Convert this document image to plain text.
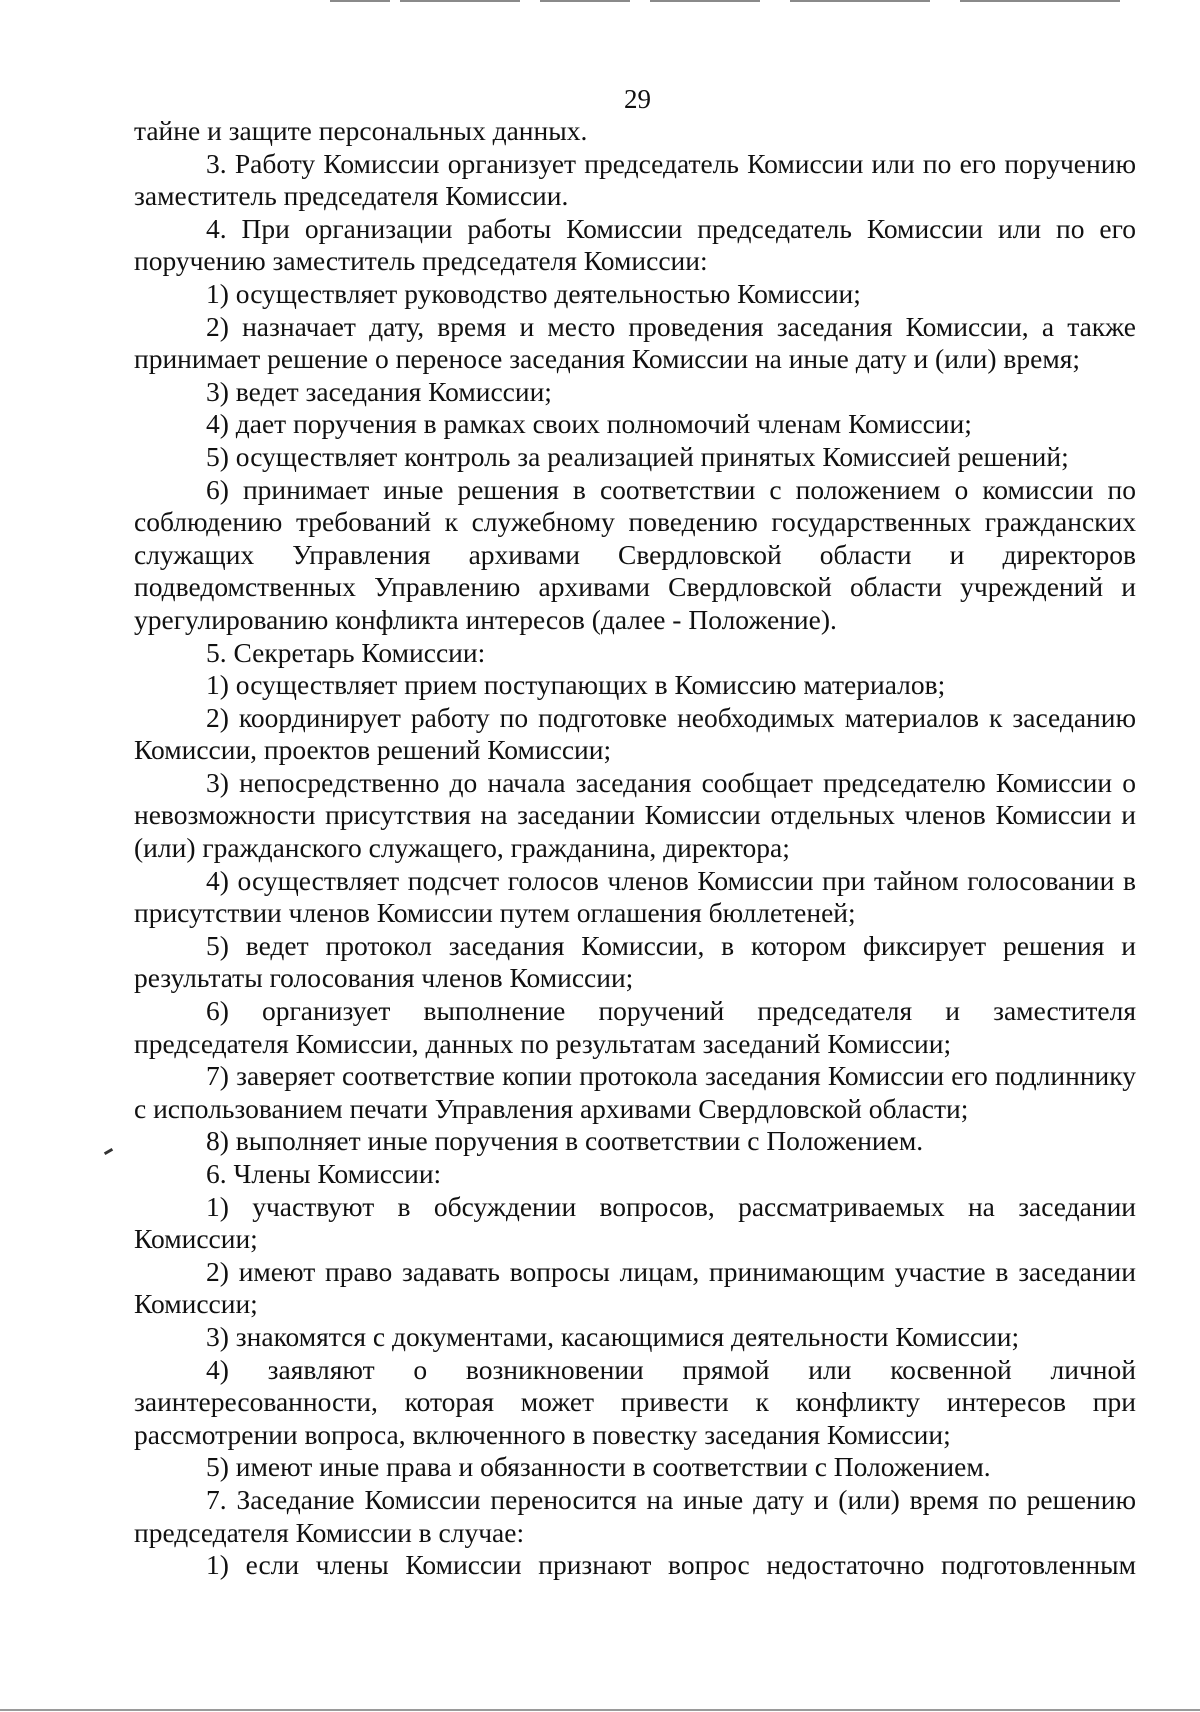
29

тайне и защите персональных данных.

3. Работу Комиссии организует председатель Комиссии или по его поручению заместитель председателя Комиссии.

4. При организации работы Комиссии председатель Комиссии или по его поручению заместитель председателя Комиссии:

1) осуществляет руководство деятельностью Комиссии;

2) назначает дату, время и место проведения заседания Комиссии, а также принимает решение о переносе заседания Комиссии на иные дату и (или) время;

3) ведет заседания Комиссии;

4) дает поручения в рамках своих полномочий членам Комиссии;

5) осуществляет контроль за реализацией принятых Комиссией решений;

6) принимает иные решения в соответствии с положением о комиссии по соблюдению требований к служебному поведению государственных гражданских служащих Управления архивами Свердловской области и директоров подведомственных Управлению архивами Свердловской области учреждений и урегулированию конфликта интересов (далее - Положение).

5. Секретарь Комиссии:

1) осуществляет прием поступающих в Комиссию материалов;

2) координирует работу по подготовке необходимых материалов к заседанию Комиссии, проектов решений Комиссии;

3) непосредственно до начала заседания сообщает председателю Комиссии о невозможности присутствия на заседании Комиссии отдельных членов Комиссии и (или) гражданского служащего, гражданина, директора;

4) осуществляет подсчет голосов членов Комиссии при тайном голосовании в присутствии членов Комиссии путем оглашения бюллетеней;

5) ведет протокол заседания Комиссии, в котором фиксирует решения и результаты голосования членов Комиссии;

6) организует выполнение поручений председателя и заместителя председателя Комиссии, данных по результатам заседаний Комиссии;

7) заверяет соответствие копии протокола заседания Комиссии его подлиннику с использованием печати Управления архивами Свердловской области;

8) выполняет иные поручения в соответствии с Положением.

6. Члены Комиссии:

1) участвуют в обсуждении вопросов, рассматриваемых на заседании Комиссии;

2) имеют право задавать вопросы лицам, принимающим участие в заседании Комиссии;

3) знакомятся с документами, касающимися деятельности Комиссии;

4) заявляют о возникновении прямой или косвенной личной заинтересованности, которая может привести к конфликту интересов при рассмотрении вопроса, включенного в повестку заседания Комиссии;

5) имеют иные права и обязанности в соответствии с Положением.

7. Заседание Комиссии переносится на иные дату и (или) время по решению председателя Комиссии в случае:

1) если члены Комиссии признают вопрос недостаточно подготовленным
